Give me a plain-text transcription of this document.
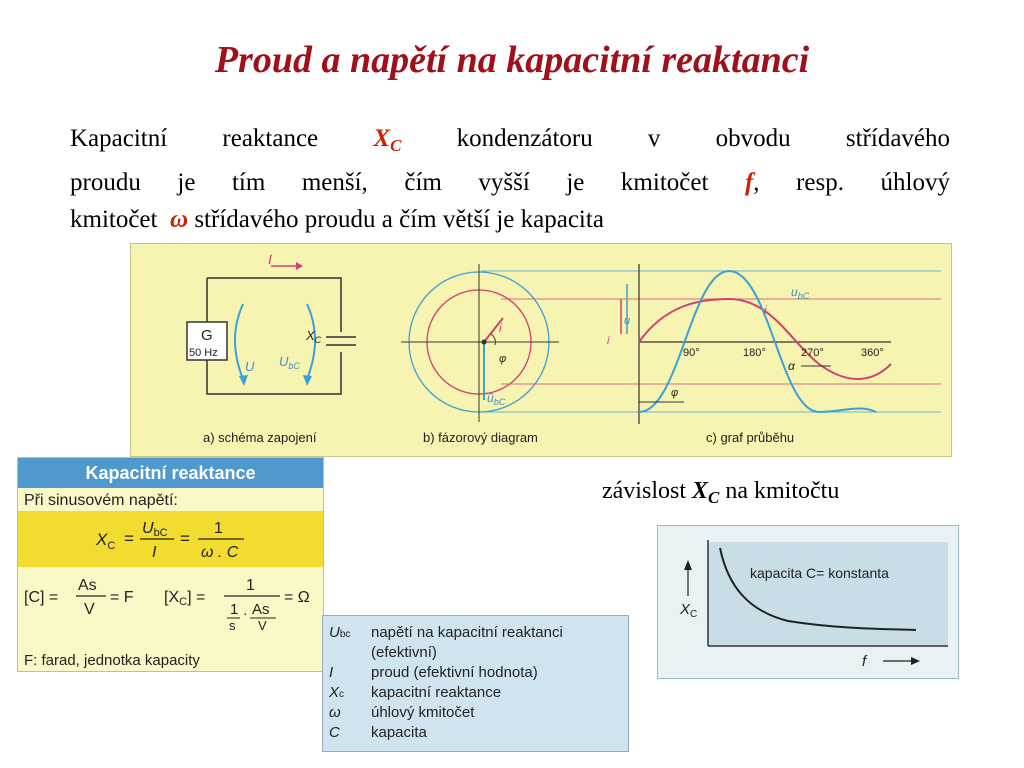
Proud a napětí na kapacitní reaktanci

Kapacitní reaktance $X_C$ kondenzátoru v obvodu střídavého
proudu je tím menší, čím vyšší je kmitočet f, resp. úhlový
kmitočet ω střídavého proudu a čím větší je kapacita

G
50 Hz
I
U $U_{bC}$
$X_C$
i
$û_{bC}$
φ
i
u
i
$u_{bC}$
90°	180°	270°	360°
α
φ
a) schéma zapojení	b) fázorový diagram	c) graf průběhu
Kapacitní reaktance
Při sinusovém napětí:
$X_C$ =
UbC
I
=
1
ω . C
[C] =
As
V
= F [XC] =
1
1
s
· As
V
= Ω
F: farad, jednotka kapacity
závislost $X_C$ na kmitočtu
kapacita C= konstanta
$X_C$
f
Ubc napětí na kapacitní reaktanci
(efektivní)
I	proud (efektivní hodnota)
Xc kapacitní reaktance
ω úhlový kmitočet
C kapacita
